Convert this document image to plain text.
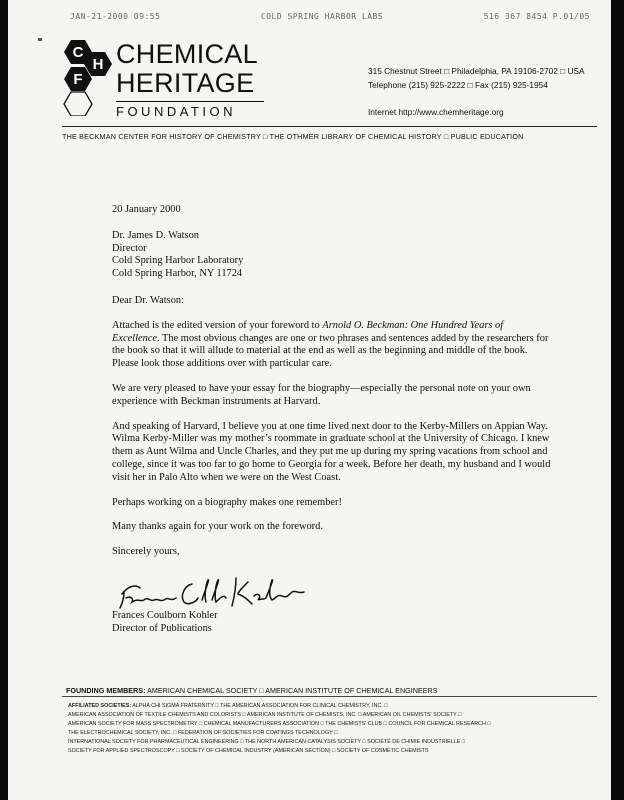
JAN-21-2000 09:55	COLD SPRING HARBOR LABS	516 367 8454 P.01/05
C
H
F
CHEMICAL
HERITAGE
FOUNDATION
315 Chestnut Street □ Philadelphia, PA 19106-2702 □ USA
Telephone (215) 925-2222 □ Fax (215) 925-1954
Internet http://www.chemheritage.org
THE BECKMAN CENTER FOR HISTORY OF CHEMISTRY □ THE OTHMER LIBRARY OF CHEMICAL HISTORY □ PUBLIC EDUCATION

20 January 2000

Dr. James D. Watson
Director
Cold Spring Harbor Laboratory
Cold Spring Harbor, NY 11724

Dear Dr. Watson:

Attached is the edited version of your foreword to Arnold O. Beckman: One Hundred Years of Excellence. The most obvious changes are one or two phrases and sentences added by the researchers for the book so that it will allude to material at the end as well as the beginning and middle of the book. Please look those additions over with particular care.

We are very pleased to have your essay for the biography—especially the personal note on your own experience with Beckman instruments at Harvard.

And speaking of Harvard, I believe you at one time lived next door to the Kerby-Millers on Appian Way. Wilma Kerby-Miller was my mother’s roommate in graduate school at the University of Chicago. I knew them as Aunt Wilma and Uncle Charles, and they put me up during my spring vacations from school and college, since it was too far to go home to Georgia for a week. Before her death, my husband and I would visit her in Palo Alto when we were on the West Coast.

Perhaps working on a biography makes one remember!

Many thanks again for your work on the foreword.

Sincerely yours,

Frances Coulborn Kohler
Director of Publications
FOUNDING MEMBERS: AMERICAN CHEMICAL SOCIETY □ AMERICAN INSTITUTE OF CHEMICAL ENGINEERS
AFFILIATED SOCIETIES: ALPHA CHI SIGMA FRATERNITY □ THE AMERICAN ASSOCIATION FOR CLINICAL CHEMISTRY, INC. □
AMERICAN ASSOCIATION OF TEXTILE CHEMISTS AND COLORISTS □ AMERICAN INSTITUTE OF CHEMISTS, INC. □ AMERICAN OIL CHEMISTS' SOCIETY □
AMERICAN SOCIETY FOR MASS SPECTROMETRY □ CHEMICAL MANUFACTURERS ASSOCIATION □ THE CHEMISTS' CLUB □ COUNCIL FOR CHEMICAL RESEARCH □
THE ELECTROCHEMICAL SOCIETY, INC. □ FEDERATION OF SOCIETIES FOR COATINGS TECHNOLOGY □
INTERNATIONAL SOCIETY FOR PHARMACEUTICAL ENGINEERING □ THE NORTH AMERICAN CATALYSIS SOCIETY □ SOCIÉTÉ DE CHIMIE INDUSTRIELLE □
SOCIETY FOR APPLIED SPECTROSCOPY □ SOCIETY OF CHEMICAL INDUSTRY (AMERICAN SECTION) □ SOCIETY OF COSMETIC CHEMISTS
